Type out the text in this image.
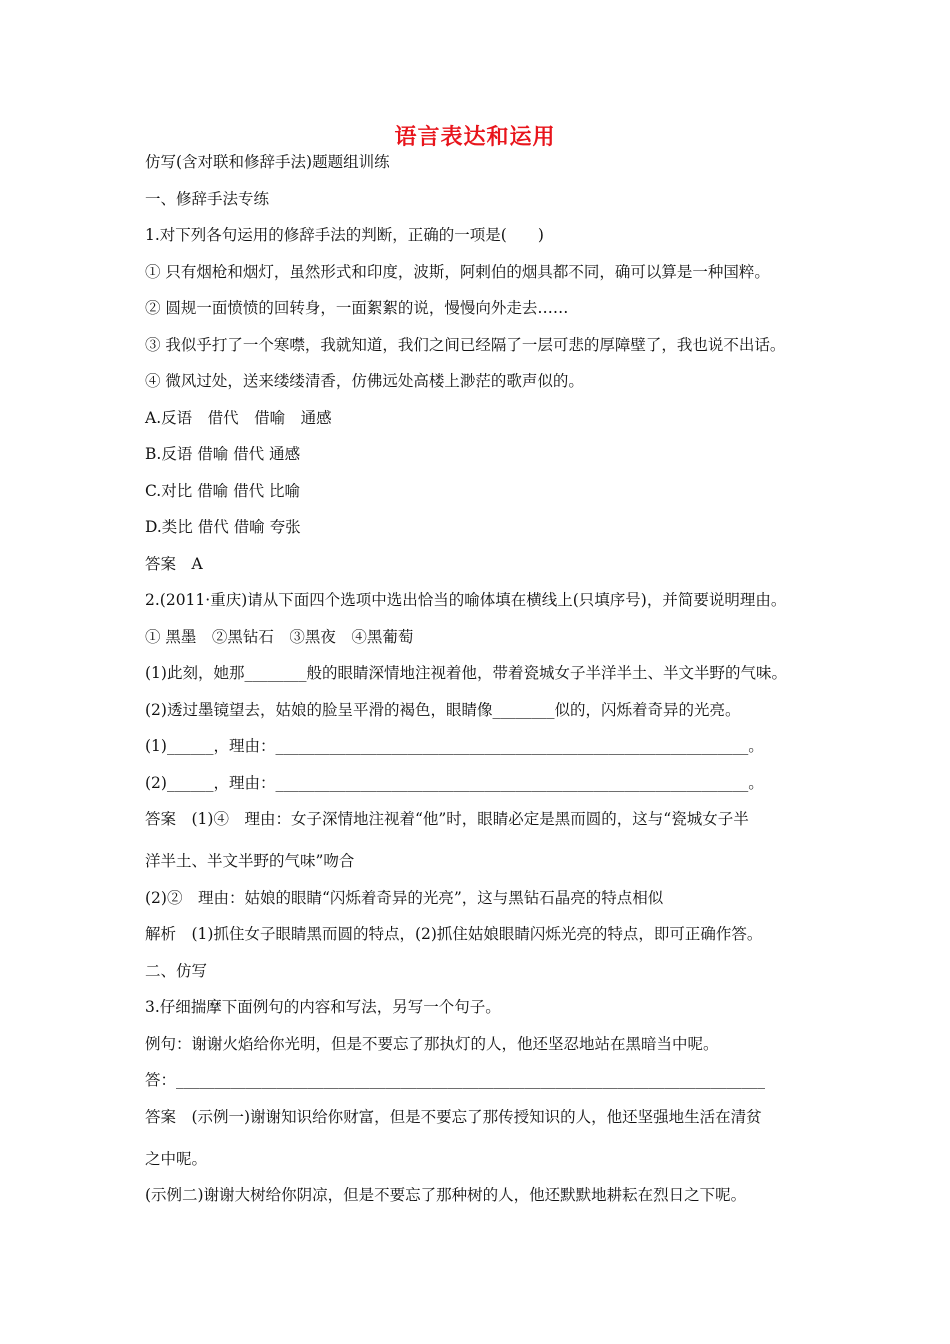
语言表达和运用
仿写(含对联和修辞手法)题题组训练
一、修辞手法专练
1.对下列各句运用的修辞手法的判断，正确的一项是(　　)
① 只有烟枪和烟灯，虽然形式和印度，波斯，阿剌伯的烟具都不同，确可以算是一种国粹。
② 圆规一面愤愤的回转身，一面絮絮的说，慢慢向外走去……
③ 我似乎打了一个寒噤，我就知道，我们之间已经隔了一层可悲的厚障壁了，我也说不出话。
④ 微风过处，送来缕缕清香，仿佛远处高楼上渺茫的歌声似的。
A.反语　借代　借喻　通感
B.反语 借喻 借代 通感
C.对比 借喻 借代 比喻
D.类比 借代 借喻 夸张
答案　A
2.(2011·重庆)请从下面四个选项中选出恰当的喻体填在横线上(只填序号)，并简要说明理由。
① 黑墨　②黑钻石　③黑夜　④黑葡萄
(1)此刻，她那________般的眼睛深情地注视着他，带着瓷城女子半洋半土、半文半野的气味。
(2)透过墨镜望去，姑娘的脸呈平滑的褐色，眼睛像________似的，闪烁着奇异的光亮。
(1)______，理由：_____________________________________________________________。
(2)______，理由：_____________________________________________________________。
答案　(1)④　理由：女子深情地注视着“他”时，眼睛必定是黑而圆的，这与“瓷城女子半
洋半土、半文半野的气味”吻合
(2)②　理由：姑娘的眼睛“闪烁着奇异的光亮”，这与黑钻石晶亮的特点相似
解析　(1)抓住女子眼睛黑而圆的特点，(2)抓住姑娘眼睛闪烁光亮的特点，即可正确作答。
二、仿写
3.仔细揣摩下面例句的内容和写法，另写一个句子。
例句：谢谢火焰给你光明，但是不要忘了那执灯的人，他还坚忍地站在黑暗当中呢。
答：____________________________________________________________________________
答案　(示例一)谢谢知识给你财富，但是不要忘了那传授知识的人，他还坚强地生活在清贫
之中呢。
(示例二)谢谢大树给你阴凉，但是不要忘了那种树的人，他还默默地耕耘在烈日之下呢。
